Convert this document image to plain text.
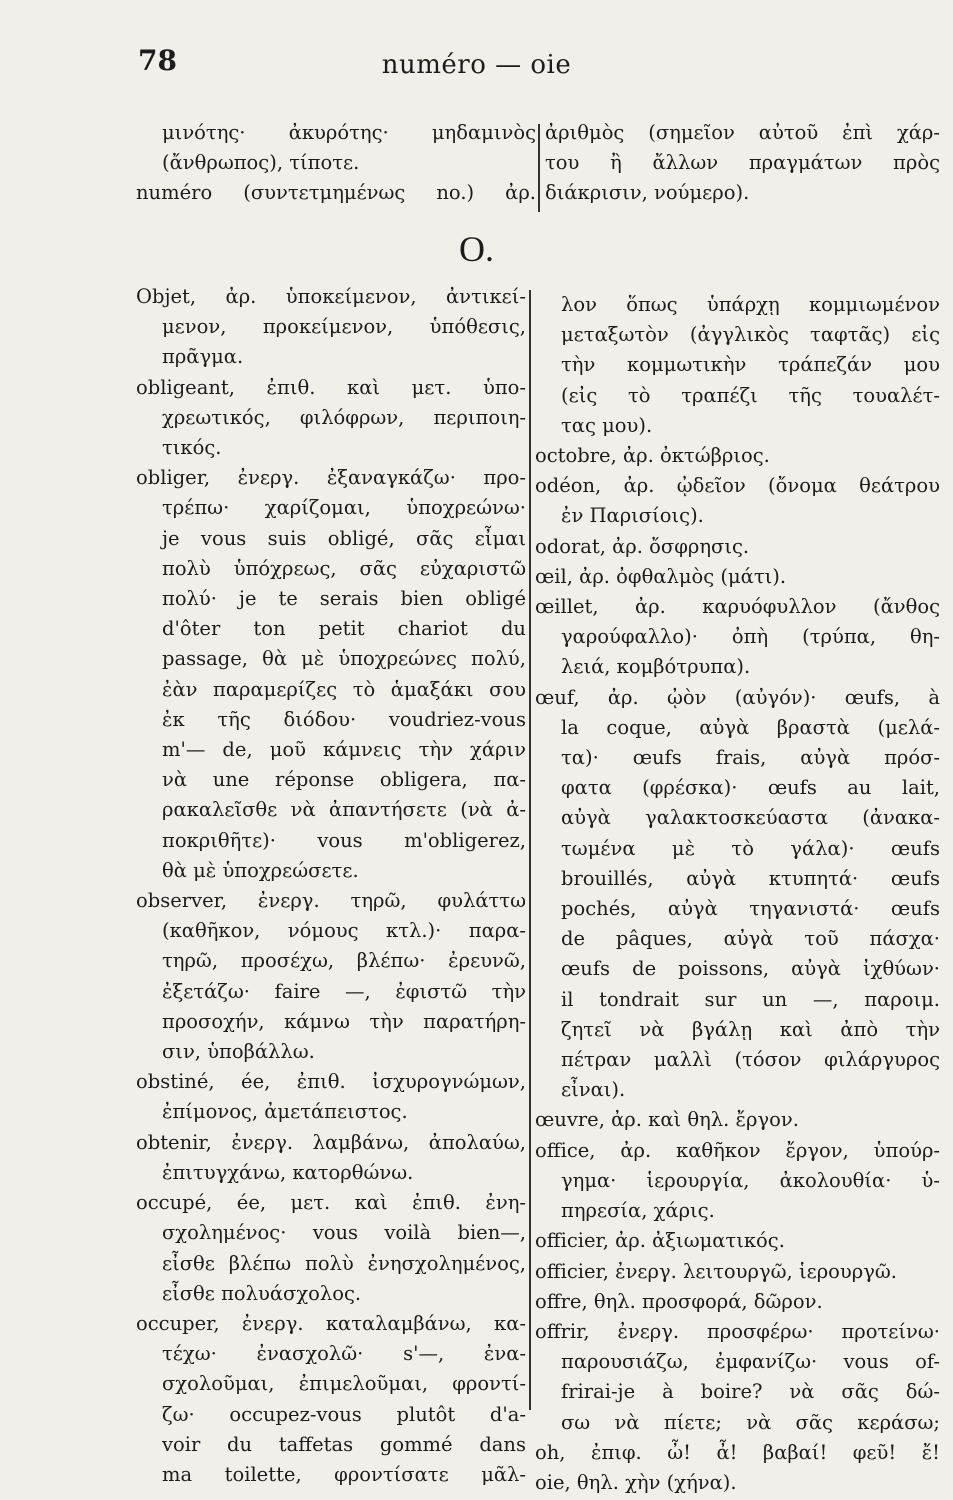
78	numéro — oie
μινότης· ἀκυρότης· μηδαμινὸς
(ἄνθρωπος), τίποτε.
numéro (συντετμημένως no.) ἀρ.
ἀριθμὸς (σημεῖον αὐτοῦ ἐπὶ χάρ-
του ἢ ἄλλων πραγμάτων πρὸς
διάκρισιν, νούμερο).
O.
Objet, ἀρ. ὑποκείμενον, ἀντικεί-
μενον, προκείμενον, ὑπόθεσις,
πρᾶγμα.
obligeant, ἐπιθ. καὶ μετ. ὑπο-
χρεωτικός, φιλόφρων, περιποιη-
τικός.
obliger, ἐνεργ. ἐξαναγκάζω· προ-
τρέπω· χαρίζομαι, ὑποχρεώνω·
je vous suis obligé, σᾶς εἶμαι
πολὺ ὑπόχρεως, σᾶς εὐχαριστῶ
πολύ· je te serais bien obligé
d'ôter ton petit chariot du
passage, θὰ μὲ ὑποχρεώνες πολύ,
ἐὰν παραμερίζες τὸ ἁμαξάκι σου
ἐκ τῆς διόδου· voudriez-vous
m'— de, μοῦ κάμνεις τὴν χάριν
νὰ une réponse obligera, πα-
ρακαλεῖσθε νὰ ἀπαντήσετε (νὰ ἀ-
ποκριθῆτε)· vous m'obligerez,
θὰ μὲ ὑποχρεώσετε.
observer, ἐνεργ. τηρῶ, φυλάττω
(καθῆκον, νόμους κτλ.)· παρα-
τηρῶ, προσέχω, βλέπω· ἐρευνῶ,
ἐξετάζω· faire —, ἐφιστῶ τὴν
προσοχήν, κάμνω τὴν παρατήρη-
σιν, ὑποβάλλω.
obstiné, ée, ἐπιθ. ἰσχυρογνώμων,
ἐπίμονος, ἀμετάπειστος.
obtenir, ἐνεργ. λαμβάνω, ἀπολαύω,
ἐπιτυγχάνω, κατορθώνω.
occupé, ée, μετ. καὶ ἐπιθ. ἐνη-
σχολημένος· vous voilà bien—,
εἶσθε βλέπω πολὺ ἐνησχολημένος,
εἶσθε πολυάσχολος.
occuper, ἐνεργ. καταλαμβάνω, κα-
τέχω· ἐνασχολῶ· s'—, ἐνα-
σχολοῦμαι, ἐπιμελοῦμαι, φροντί-
ζω· occupez-vous plutôt d'a-
voir du taffetas gommé dans
ma toilette, φροντίσατε μᾶλ-
λον ὅπως ὑπάρχῃ κομμιωμένον
μεταξωτὸν (ἀγγλικὸς ταφτᾶς) εἰς
τὴν κομμωτικὴν τράπεζάν μου
(εἰς τὸ τραπέζι τῆς τουαλέτ-
τας μου).
octobre, ἀρ. ὀκτώβριος.
odéon, ἀρ. ᾠδεῖον (ὄνομα θεάτρου
ἐν Παρισίοις).
odorat, ἀρ. ὄσφρησις.
œil, ἀρ. ὀφθαλμὸς (μάτι).
œillet, ἀρ. καρυόφυλλον (ἄνθος
γαρούφαλλο)· ὀπὴ (τρύπα, θη-
λειά, κομβότρυπα).
œuf, ἀρ. ᾠὸν (αὐγόν)· œufs, à
la coque, αὐγὰ βραστὰ (μελά-
τα)· œufs frais, αὐγὰ πρόσ-
φατα (φρέσκα)· œufs au lait,
αὐγὰ γαλακτοσκεύαστα (ἀνακα-
τωμένα μὲ τὸ γάλα)· œufs
brouillés, αὐγὰ κτυπητά· œufs
pochés, αὐγὰ τηγανιστά· œufs
de pâques, αὐγὰ τοῦ πάσχα·
œufs de poissons, αὐγὰ ἰχθύων·
il tondrait sur un —, παροιμ.
ζητεῖ νὰ βγάλῃ καὶ ἀπὸ τὴν
πέτραν μαλλὶ (τόσον φιλάργυρος
εἶναι).
œuvre, ἀρ. καὶ θηλ. ἔργον.
office, ἀρ. καθῆκον ἔργον, ὑπούρ-
γημα· ἱερουργία, ἀκολουθία· ὑ-
πηρεσία, χάρις.
officier, ἀρ. ἀξιωματικός.
officier, ἐνεργ. λειτουργῶ, ἱερουργῶ.
offre, θηλ. προσφορά, δῶρον.
offrir, ἐνεργ. προσφέρω· προτείνω·
παρουσιάζω, ἐμφανίζω· vous of-
frirai-je à boire? νὰ σᾶς δώ-
σω νὰ πίετε; νὰ σᾶς κεράσω;
oh, ἐπιφ. ὦ! ἆ! βαβαί! φεῦ! ἔ!
oie, θηλ. χὴν (χήνα).
